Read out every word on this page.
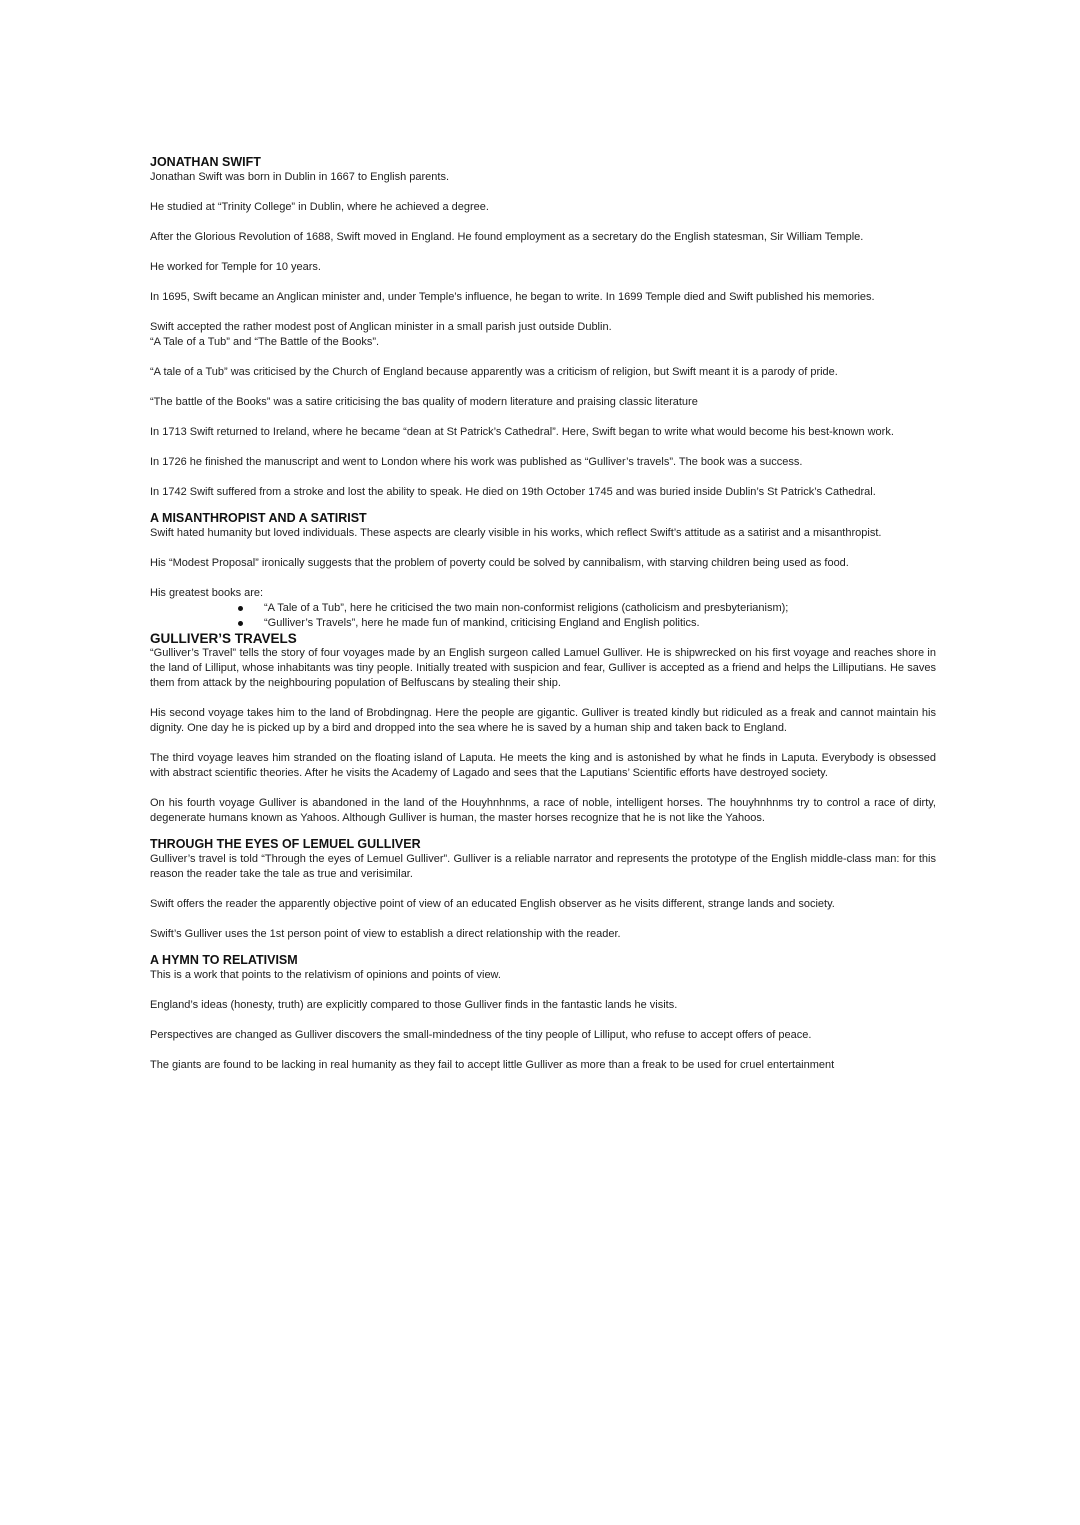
JONATHAN SWIFT

Jonathan Swift was born in Dublin in 1667 to English parents.

He studied at “Trinity College” in Dublin, where he achieved a degree.

After the Glorious Revolution of 1688, Swift moved in England. He found employment as a secretary do the English statesman, Sir William Temple.

He worked for Temple for 10 years.

In 1695, Swift became an Anglican minister and, under Temple’s influence, he began to write. In 1699 Temple died and Swift published his memories.

Swift accepted the rather modest post of Anglican minister in a small parish just outside Dublin.

“A Tale of a Tub” and “The Battle of the Books”.

“A tale of a Tub” was criticised by the Church of England because apparently was a criticism of religion, but Swift meant it is a parody of pride.

“The battle of the Books” was a satire criticising the bas quality of modern literature and praising classic literature

In 1713 Swift returned to Ireland, where he became “dean at St Patrick’s Cathedral”. Here, Swift began to write what would become his best-known work.

In 1726 he finished the manuscript and went to London where his work was published as “Gulliver’s travels”. The book was a success.

In 1742 Swift suffered from a stroke and lost the ability to speak. He died on 19th October 1745 and was buried inside Dublin’s St Patrick’s Cathedral.

A MISANTHROPIST AND A SATIRIST

Swift hated humanity but loved individuals. These aspects are clearly visible in his works, which reflect Swift’s attitude as a satirist and a misanthropist.

His “Modest Proposal” ironically suggests that the problem of poverty could be solved by cannibalism, with starving children being used as food.

His greatest books are:

“A Tale of a Tub”, here he criticised the two main non-conformist religions (catholicism and presbyterianism);
“Gulliver’s Travels”, here he made fun of mankind, criticising England and English politics.
GULLIVER’S TRAVELS

“Gulliver’s Travel” tells the story of four voyages made by an English surgeon called Lamuel Gulliver. He is shipwrecked on his first voyage and reaches shore in the land of Lilliput, whose inhabitants was tiny people. Initially treated with suspicion and fear, Gulliver is accepted as a friend and helps the Lilliputians. He saves them from attack by the neighbouring population of Belfuscans by stealing their ship.

His second voyage takes him to the land of Brobdingnag. Here the people are gigantic. Gulliver is treated kindly but ridiculed as a freak and cannot maintain his dignity. One day he is picked up by a bird and dropped into the sea where he is saved by a human ship and taken back to England.

The third voyage leaves him stranded on the floating island of Laputa. He meets the king and is astonished by what he finds in Laputa. Everybody is obsessed with abstract scientific theories. After he visits the Academy of Lagado and sees that the Laputians’ Scientific efforts have destroyed society.

On his fourth voyage Gulliver is abandoned in the land of the Houyhnhnms, a race of noble, intelligent horses. The houyhnhnms try to control a race of dirty, degenerate humans known as Yahoos. Although Gulliver is human, the master horses recognize that he is not like the Yahoos.

THROUGH THE EYES OF LEMUEL GULLIVER

Gulliver’s travel is told “Through the eyes of Lemuel Gulliver”. Gulliver is a reliable narrator and represents the prototype of the English middle-class man: for this reason the reader take the tale as true and verisimilar.

Swift offers the reader the apparently objective point of view of an educated English observer as he visits different, strange lands and society.

Swift’s Gulliver uses the 1st person point of view to establish a direct relationship with the reader.

A HYMN TO RELATIVISM

This is a work that points to the relativism of opinions and points of view.

England’s ideas (honesty, truth) are explicitly compared to those Gulliver finds in the fantastic lands he visits.

Perspectives are changed as Gulliver discovers the small-mindedness of the tiny people of Lilliput, who refuse to accept offers of peace.

The giants are found to be lacking in real humanity as they fail to accept little Gulliver as more than a freak to be used for cruel entertainment
